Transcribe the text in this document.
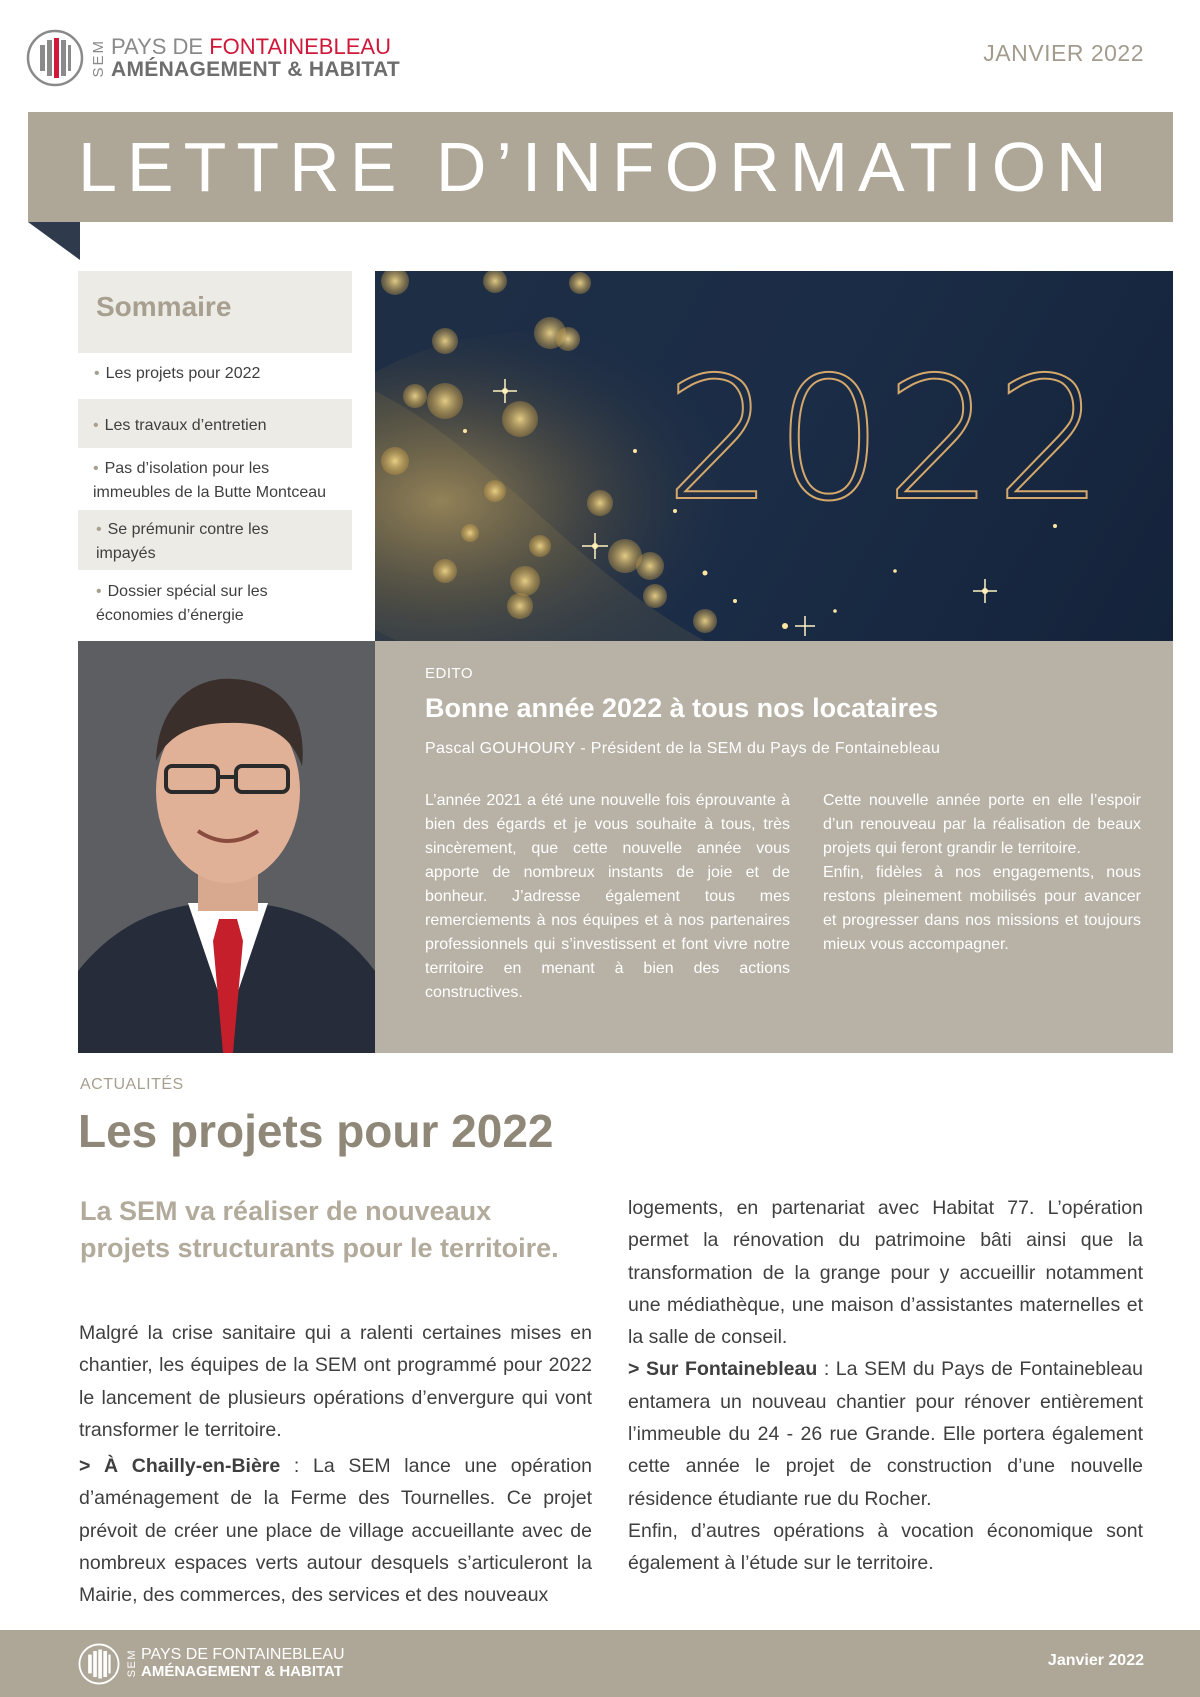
SEM PAYS DE FONTAINEBLEAU
AMÉNAGEMENT & HABITAT
JANVIER 2022
LETTRE D’INFORMATION
Sommaire
• Les projets pour 2022
• Les travaux d’entretien
• Pas d’isolation pour les immeubles de la Butte Montceau
• Se prémunir contre les impayés
• Dossier spécial sur les économies d’énergie
2022
EDITO
Bonne année 2022 à tous nos locataires
Pascal GOUHOURY - Président de la SEM du Pays de Fontainebleau

L’année 2021 a été une nouvelle fois éprouvante à bien des égards et je vous souhaite à tous, très sincèrement, que cette nouvelle année vous apporte de nombreux instants de joie et de bonheur. J’adresse également tous mes remerciements à nos équipes et à nos partenaires professionnels qui s’investissent et font vivre notre territoire en menant à bien des actions constructives.

Cette nouvelle année porte en elle l’espoir d’un renouveau par la réalisation de beaux projets qui feront grandir le territoire.

Enfin, fidèles à nos engagements, nous restons pleinement mobilisés pour avancer et progresser dans nos missions et toujours mieux vous accompagner.

ACTUALITÉS
Les projets pour 2022
La SEM va réaliser de nouveaux projets structurants pour le territoire.

Malgré la crise sanitaire qui a ralenti certaines mises en chantier, les équipes de la SEM ont programmé pour 2022 le lancement de plusieurs opérations d’envergure qui vont transformer le territoire.

> À Chailly-en-Bière : La SEM lance une opération d’aménagement de la Ferme des Tournelles. Ce projet prévoit de créer une place de village accueillante avec de nombreux espaces verts autour desquels s’articuleront la Mairie, des commerces, des services et des nouveaux

logements, en partenariat avec Habitat 77. L’opération permet la rénovation du patrimoine bâti ainsi que la transformation de la grange pour y accueillir notamment une médiathèque, une maison d’assistantes maternelles et la salle de conseil.

> Sur Fontainebleau : La SEM du Pays de Fontainebleau entamera un nouveau chantier pour rénover entièrement l’immeuble du 24 - 26 rue Grande. Elle portera également cette année le projet de construction d’une nouvelle résidence étudiante rue du Rocher.

Enfin, d’autres opérations à vocation économique sont également à l’étude sur le territoire.

SEM PAYS DE FONTAINEBLEAU
AMÉNAGEMENT & HABITAT
Janvier 2022
